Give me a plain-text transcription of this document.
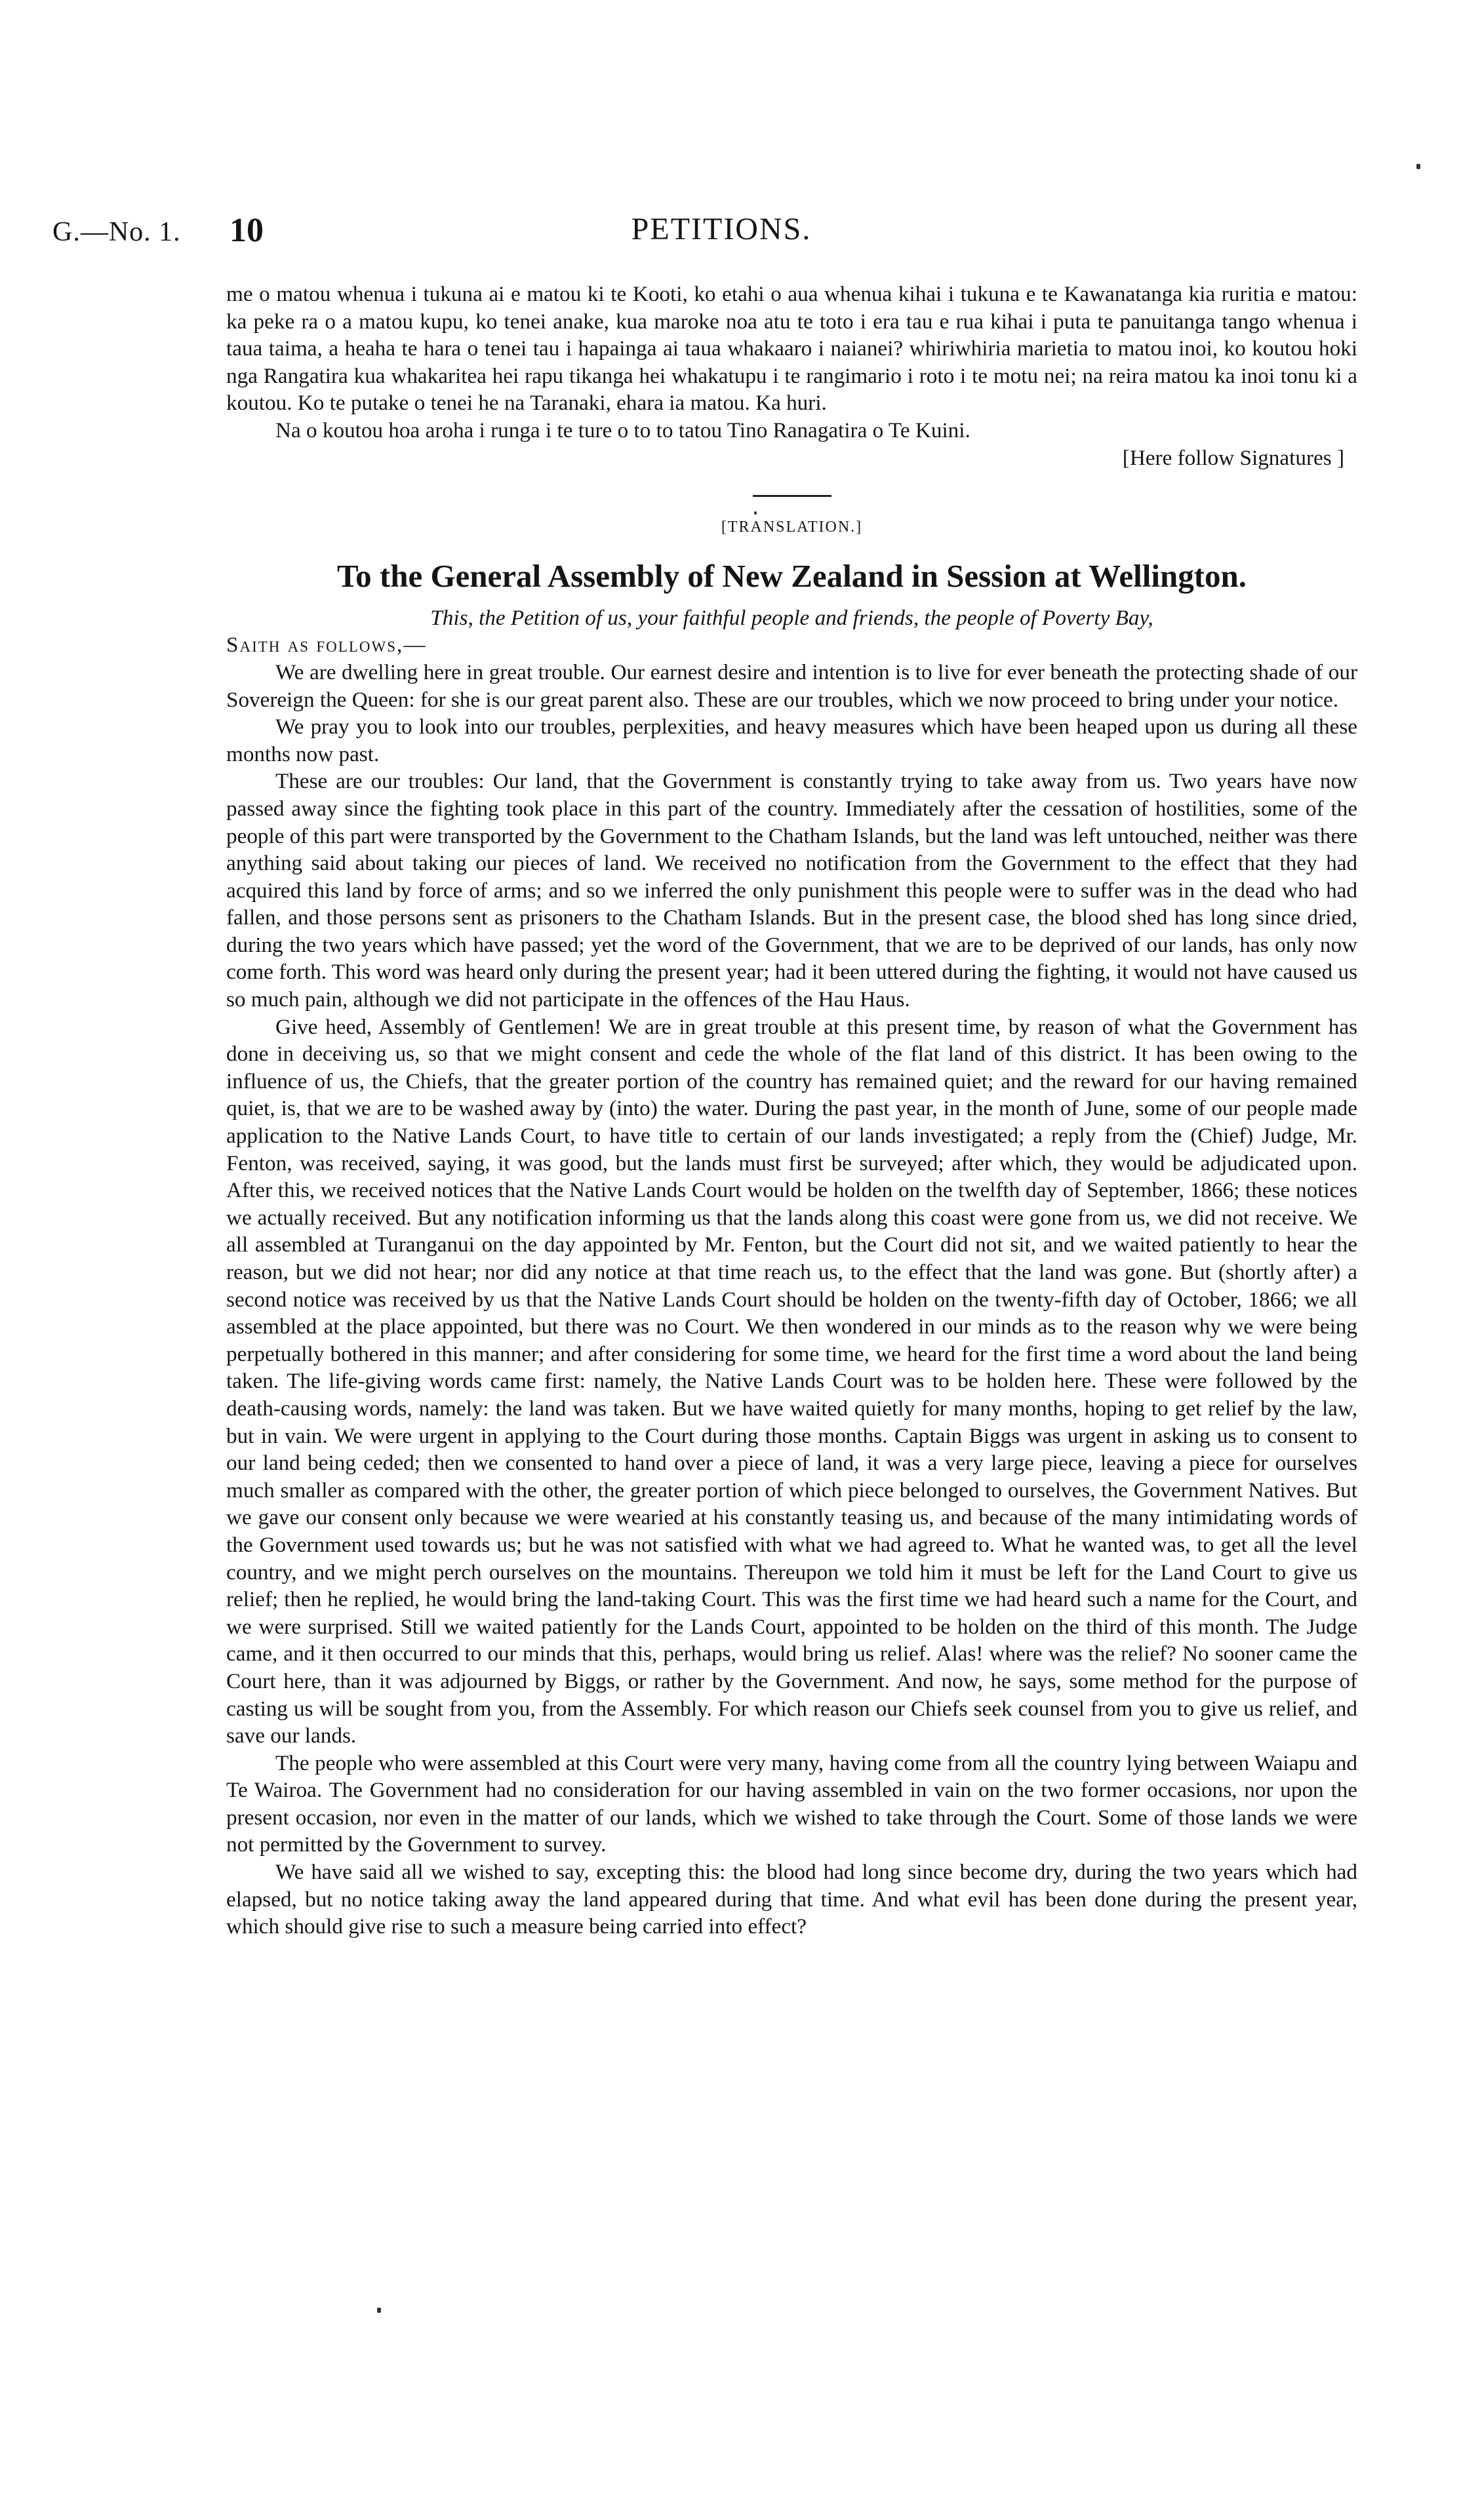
PETITIONS.
G.—No. 1. 10

me o matou whenua i tukuna ai e matou ki te Kooti, ko etahi o aua whenua kihai i tukuna e te Kawanatanga kia ruritia e matou: ka peke ra o a matou kupu, ko tenei anake, kua maroke noa atu te toto i era tau e rua kihai i puta te panuitanga tango whenua i taua taima, a heaha te hara o tenei tau i hapainga ai taua whakaaro i naianei? whiriwhiria marietia to matou inoi, ko koutou hoki nga Rangatira kua whakaritea hei rapu tikanga hei whakatupu i te rangimario i roto i te motu nei; na reira matou ka inoi tonu ki a koutou. Ko te putake o tenei he na Taranaki, ehara ia matou. Ka huri.

Na o koutou hoa aroha i runga i te ture o to to tatou Tino Ranagatira o Te Kuini.

[Here follow Signatures ]

[TRANSLATION.]
To the General Assembly of New Zealand in Session at Wellington.

This, the Petition of us, your faithful people and friends, the people of Poverty Bay,

Saith as follows,—

We are dwelling here in great trouble. Our earnest desire and intention is to live for ever beneath the protecting shade of our Sovereign the Queen: for she is our great parent also. These are our troubles, which we now proceed to bring under your notice.

We pray you to look into our troubles, perplexities, and heavy measures which have been heaped upon us during all these months now past.

These are our troubles: Our land, that the Government is constantly trying to take away from us. Two years have now passed away since the fighting took place in this part of the country. Immediately after the cessation of hostilities, some of the people of this part were transported by the Government to the Chatham Islands, but the land was left untouched, neither was there anything said about taking our pieces of land. We received no notification from the Government to the effect that they had acquired this land by force of arms; and so we inferred the only punishment this people were to suffer was in the dead who had fallen, and those persons sent as prisoners to the Chatham Islands. But in the present case, the blood shed has long since dried, during the two years which have passed; yet the word of the Government, that we are to be deprived of our lands, has only now come forth. This word was heard only during the present year; had it been uttered during the fighting, it would not have caused us so much pain, although we did not participate in the offences of the Hau Haus.

Give heed, Assembly of Gentlemen! We are in great trouble at this present time, by reason of what the Government has done in deceiving us, so that we might consent and cede the whole of the flat land of this district. It has been owing to the influence of us, the Chiefs, that the greater portion of the country has remained quiet; and the reward for our having remained quiet, is, that we are to be washed away by (into) the water. During the past year, in the month of June, some of our people made application to the Native Lands Court, to have title to certain of our lands investigated; a reply from the (Chief) Judge, Mr. Fenton, was received, saying, it was good, but the lands must first be surveyed; after which, they would be adjudicated upon. After this, we received notices that the Native Lands Court would be holden on the twelfth day of September, 1866; these notices we actually received. But any notification informing us that the lands along this coast were gone from us, we did not receive. We all assembled at Turanganui on the day appointed by Mr. Fenton, but the Court did not sit, and we waited patiently to hear the reason, but we did not hear; nor did any notice at that time reach us, to the effect that the land was gone. But (shortly after) a second notice was received by us that the Native Lands Court should be holden on the twenty-fifth day of October, 1866; we all assembled at the place appointed, but there was no Court. We then wondered in our minds as to the reason why we were being perpetually bothered in this manner; and after considering for some time, we heard for the first time a word about the land being taken. The life-giving words came first: namely, the Native Lands Court was to be holden here. These were followed by the death-causing words, namely: the land was taken. But we have waited quietly for many months, hoping to get relief by the law, but in vain. We were urgent in applying to the Court during those months. Captain Biggs was urgent in asking us to consent to our land being ceded; then we consented to hand over a piece of land, it was a very large piece, leaving a piece for ourselves much smaller as compared with the other, the greater portion of which piece belonged to ourselves, the Government Natives. But we gave our consent only because we were wearied at his constantly teasing us, and because of the many intimidating words of the Government used towards us; but he was not satisfied with what we had agreed to. What he wanted was, to get all the level country, and we might perch ourselves on the mountains. Thereupon we told him it must be left for the Land Court to give us relief; then he replied, he would bring the land-taking Court. This was the first time we had heard such a name for the Court, and we were surprised. Still we waited patiently for the Lands Court, appointed to be holden on the third of this month. The Judge came, and it then occurred to our minds that this, perhaps, would bring us relief. Alas! where was the relief? No sooner came the Court here, than it was adjourned by Biggs, or rather by the Government. And now, he says, some method for the purpose of casting us will be sought from you, from the Assembly. For which reason our Chiefs seek counsel from you to give us relief, and save our lands.

The people who were assembled at this Court were very many, having come from all the country lying between Waiapu and Te Wairoa. The Government had no consideration for our having assembled in vain on the two former occasions, nor upon the present occasion, nor even in the matter of our lands, which we wished to take through the Court. Some of those lands we were not permitted by the Government to survey.

We have said all we wished to say, excepting this: the blood had long since become dry, during the two years which had elapsed, but no notice taking away the land appeared during that time. And what evil has been done during the present year, which should give rise to such a measure being carried into effect?
